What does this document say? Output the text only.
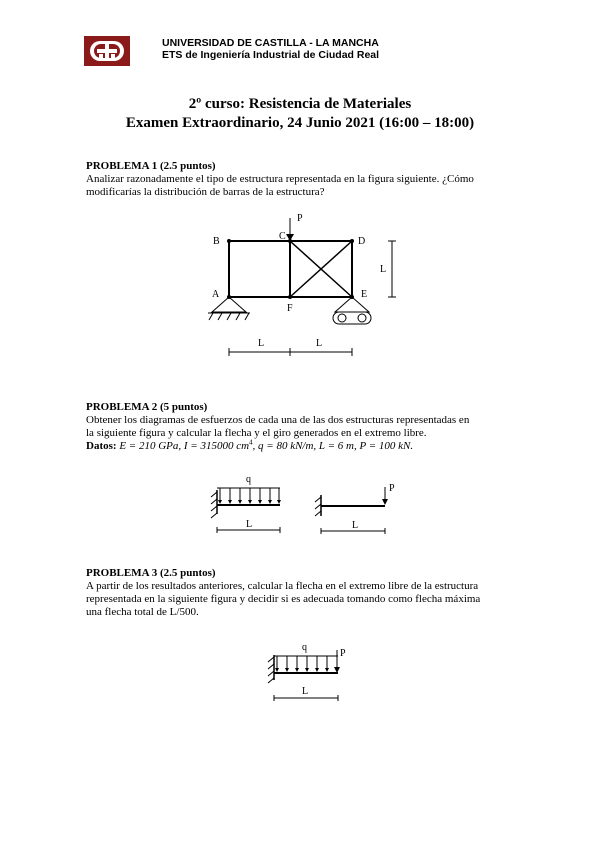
UNIVERSIDAD DE CASTILLA - LA MANCHA
ETS de Ingeniería Industrial de Ciudad Real
2º curso: Resistencia de Materiales
Examen Extraordinario, 24 Junio 2021 (16:00 – 18:00)
PROBLEMA 1 (2.5 puntos)
Analizar razonadamente el tipo de estructura representada en la figura siguiente. ¿Cómo
modificarías la distribución de barras de la estructura?
P
B	C	D
A	E
F
L
L	L
PROBLEMA 2 (5 puntos)
Obtener los diagramas de esfuerzos de cada una de las dos estructuras representadas en
la siguiente figura y calcular la flecha y el giro generados en el extremo libre.
Datos: E = 210 GPa, I = 315000 $cm^4$, q = 80 kN/m, L = 6 m, P = 100 kN.
q
L
P
L
PROBLEMA 3 (2.5 puntos)
A partir de los resultados anteriores, calcular la flecha en el extremo libre de la estructura
representada en la siguiente figura y decidir si es adecuada tomando como flecha máxima
una flecha total de L/500.
q
P
L
